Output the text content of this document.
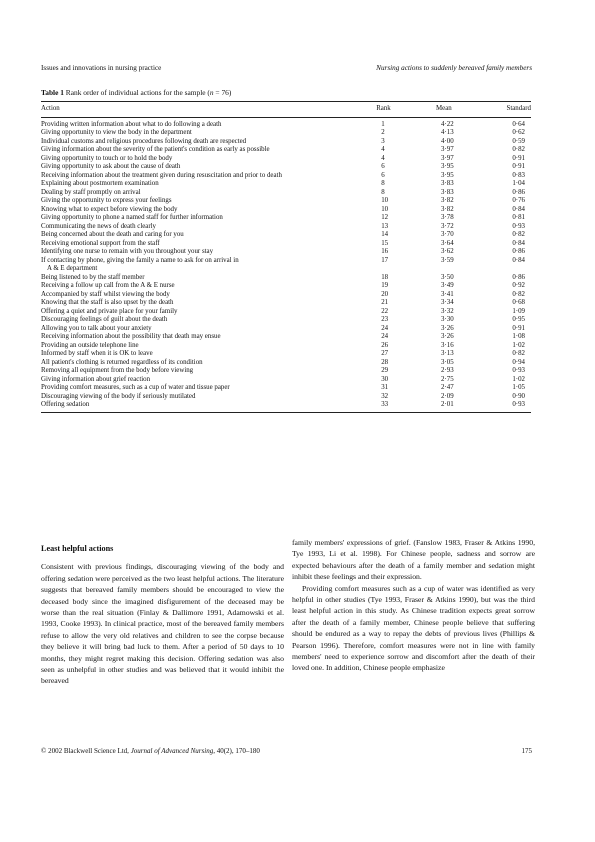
Issues and innovations in nursing practice	Nursing actions to suddenly bereaved family members
Table 1 Rank order of individual actions for the sample (n = 76)
Action	Rank	Mean	Standard
Providing written information about what to do following a death	1	4·22	0·64
Giving opportunity to view the body in the department	2	4·13	0·62
Individual customs and religious procedures following death are respected	3	4·00	0·59
Giving information about the severity of the patient's condition as early as possible	4	3·97	0·82
Giving opportunity to touch or to hold the body	4	3·97	0·91
Giving opportunity to ask about the cause of death	6	3·95	0·91
Receiving information about the treatment given during resuscitation and prior to death	6	3·95	0·83
Explaining about postmortem examination	8	3·83	1·04
Dealing by staff promptly on arrival	8	3·83	0·86
Giving the opportunity to express your feelings	10	3·82	0·76
Knowing what to expect before viewing the body	10	3·82	0·84
Giving opportunity to phone a named staff for further information	12	3·78	0·81
Communicating the news of death clearly	13	3·72	0·93
Being concerned about the death and caring for you	14	3·70	0·82
Receiving emotional support from the staff	15	3·64	0·84
Identifying one nurse to remain with you throughout your stay	16	3·62	0·86
If contacting by phone, giving the family a name to ask for on arrival in	17	3·59	0·84
A & E department			
Being listened to by the staff member	18	3·50	0·86
Receiving a follow up call from the A & E nurse	19	3·49	0·92
Accompanied by staff whilst viewing the body	20	3·41	0·82
Knowing that the staff is also upset by the death	21	3·34	0·68
Offering a quiet and private place for your family	22	3·32	1·09
Discouraging feelings of guilt about the death	23	3·30	0·95
Allowing you to talk about your anxiety	24	3·26	0·91
Receiving information about the possibility that death may ensue	24	3·26	1·08
Providing an outside telephone line	26	3·16	1·02
Informed by staff when it is OK to leave	27	3·13	0·82
All patient's clothing is returned regardless of its condition	28	3·05	0·94
Removing all equipment from the body before viewing	29	2·93	0·93
Giving information about grief reaction	30	2·75	1·02
Providing comfort measures, such as a cup of water and tissue paper	31	2·47	1·05
Discouraging viewing of the body if seriously mutilated	32	2·09	0·90
Offering sedation	33	2·01	0·93
Least helpful actions

Consistent with previous findings, discouraging viewing of the body and offering sedation were perceived as the two least helpful actions. The literature suggests that bereaved family members should be encouraged to view the deceased body since the imagined disfigurement of the deceased may be worse than the real situation (Finlay & Dallimore 1991, Adamowski et al. 1993, Cooke 1993). In clinical practice, most of the bereaved family members refuse to allow the very old relatives and children to see the corpse because they believe it will bring bad luck to them. After a period of 50 days to 10 months, they might regret making this decision. Offering sedation was also seen as unhelpful in other studies and was believed that it would inhibit the bereaved

family members' expressions of grief. (Fanslow 1983, Fraser & Atkins 1990, Tye 1993, Li et al. 1998). For Chinese people, sadness and sorrow are expected behaviours after the death of a family member and sedation might inhibit these feelings and their expression.

Providing comfort measures such as a cup of water was identified as very helpful in other studies (Tye 1993, Fraser & Atkins 1990), but was the third least helpful action in this study. As Chinese tradition expects great sorrow after the death of a family member, Chinese people believe that suffering should be endured as a way to repay the debts of previous lives (Phillips & Pearson 1996). Therefore, comfort measures were not in line with family members' need to experience sorrow and discomfort after the death of their loved one. In addition, Chinese people emphasize

© 2002 Blackwell Science Ltd, Journal of Advanced Nursing, 40(2), 170–180	175
